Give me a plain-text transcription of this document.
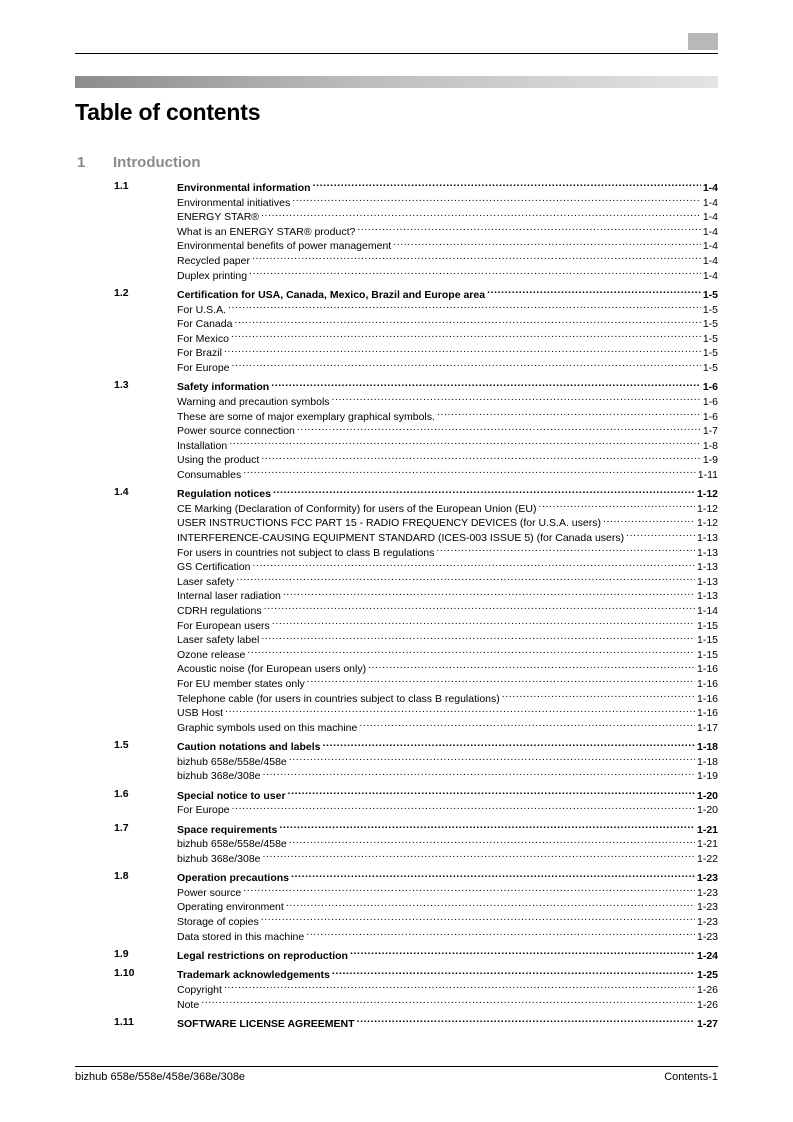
Table of contents
1 Introduction
1.1	Environmental information .....	1-4
Environmental initiatives .....	1-4
ENERGY STAR® .....	1-4
What is an ENERGY STAR® product? .....	1-4
Environmental benefits of power management .....	1-4
Recycled paper .....	1-4
Duplex printing .....	1-4
1.2	Certification for USA, Canada, Mexico, Brazil and Europe area .....	1-5
For U.S.A. .....	1-5
For Canada .....	1-5
For Mexico .....	1-5
For Brazil .....	1-5
For Europe .....	1-5
1.3	Safety information .....	1-6
Warning and precaution symbols .....	1-6
These are some of major exemplary graphical symbols. .....	1-6
Power source connection .....	1-7
Installation .....	1-8
Using the product .....	1-9
Consumables .....	1-11
1.4	Regulation notices .....	1-12
CE Marking (Declaration of Conformity) for users of the European Union (EU) .....	1-12
USER INSTRUCTIONS FCC PART 15 - RADIO FREQUENCY DEVICES (for U.S.A. users) .....	1-12
INTERFERENCE-CAUSING EQUIPMENT STANDARD (ICES-003 ISSUE 5) (for Canada users) .....	1-13
For users in countries not subject to class B regulations .....	1-13
GS Certification .....	1-13
Laser safety .....	1-13
Internal laser radiation .....	1-13
CDRH regulations .....	1-14
For European users .....	1-15
Laser safety label .....	1-15
Ozone release .....	1-15
Acoustic noise (for European users only) .....	1-16
For EU member states only .....	1-16
Telephone cable (for users in countries subject to class B regulations) .....	1-16
USB Host .....	1-16
Graphic symbols used on this machine .....	1-17
1.5	Caution notations and labels .....	1-18
bizhub 658e/558e/458e .....	1-18
bizhub 368e/308e .....	1-19
1.6	Special notice to user .....	1-20
For Europe .....	1-20
1.7	Space requirements .....	1-21
bizhub 658e/558e/458e .....	1-21
bizhub 368e/308e .....	1-22
1.8	Operation precautions .....	1-23
Power source .....	1-23
Operating environment .....	1-23
Storage of copies .....	1-23
Data stored in this machine .....	1-23
1.9	Legal restrictions on reproduction .....	1-24
1.10	Trademark acknowledgements .....	1-25
Copyright .....	1-26
Note .....	1-26
1.11	SOFTWARE LICENSE AGREEMENT .....	1-27
bizhub 658e/558e/458e/368e/308e	Contents-1
